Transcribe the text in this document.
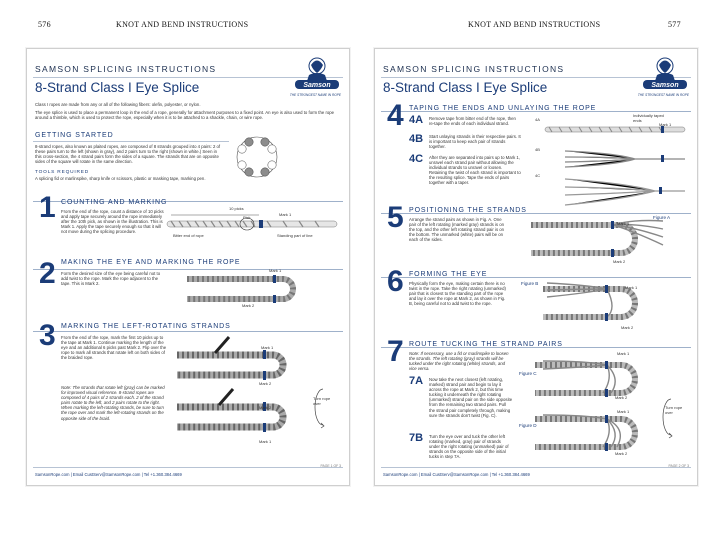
576	KNOT AND BEND INSTRUCTIONS	KNOT AND BEND INSTRUCTIONS	577
SAMSON SPLICING INSTRUCTIONS
8-Strand Class I Eye Splice	Samson
THE STRONGEST NAME IN ROPE
Class I ropes are made from any or all of the following fibers: olefin, polyester, or nylon.
The eye splice is used to place a permanent loop in the end of a rope, generally for attachment purposes to a fixed point. An eye is also used to form the rope around a thimble, which is used to protect the rope, especially when it is to be attached to a shackle, chain, or wire rope.
GETTING STARTED
8-strand ropes, also known as plaited ropes, are composed of 8 strands grouped into 4 pairs: 2 of these pairs turn to the left (shown in gray), and 2 pairs turn to the right (shown in white.) Seen in this cross-section, the 4 strand pairs form the sides of a square. The strands that are on opposite sides of the square will rotate in the same direction.
TOOLS REQUIRED
A splicing fid or marlinspike, sharp knife or scissors, plastic or masking tape, marking pen.
1 COUNTING AND MARKING
From the end of the rope, count a distance of 10 picks and apply tape securely around the rope immediately after the 10th pick, as shown in the illustration. This is Mark 1. Apply the tape securely enough so that it will not move during the splicing procedure.
10 picks
Pick
Mark 1
Bitter end of rope	Standing part of line
2 MAKING THE EYE AND MARKING THE ROPE
Form the desired size of the eye being careful not to add twist to the rope. Mark the rope adjacent to the tape. This is Mark 2.
Mark 1
Mark 2
3 MARKING THE LEFT-ROTATING STRANDS
From the end of the rope, mark the first 10 picks up to the tape at Mark 1. Continue marking the length of the eye and an additional 6 picks past Mark 2. Flip over the rope to mark all strands that rotate left on both sides of the braided rope.
Note: The strands that rotate left (gray) can be marked for improved visual reference. 8-strand ropes are composed of 4 pairs of 2 strands each. 2 of the strand pairs rotate to the left, and 2 pairs rotate to the right. When marking the left-rotating strands, be sure to turn the rope over and mark the left-rotating strands on the opposite side of the braid.
Mark 1
Mark 2
Mark 2
Mark 1
Turn rope over
PAGE 1 OF 3
SamsonRope.com | Email CustServ@SamsonRope.com | Tel +1.360.384.4669
SAMSON SPLICING INSTRUCTIONS
8-Strand Class I Eye Splice	Samson
THE STRONGEST NAME IN ROPE
4 TAPING THE ENDS AND UNLAYING THE ROPE
4A Remove tape from bitter end of the rope, then re-tape the ends of each individual strand.
4B Start unlaying strands in their respective pairs. It is important to keep each pair of strands together.
4C After they are separated into pairs up to Mark 1, unravel each strand pair without allowing the individual strands to unravel or loosen. Retaining the twist of each strand is important to the resulting splice. Tape the ends of pairs together with a taper.
4A
4B
4C
Individually taped ends
Mark 1
5 POSITIONING THE STRANDS
Arrange the strand pairs as shown in Fig. A. One pair of the left rotating (marked gray) strands is on the top, and the other left rotating strand pair is on the bottom. The unmarked (white) pairs will be on each of the sides.
Figure A
Mark 1
Mark 2
6 FORMING THE EYE
Physically form the eye, making certain there is no twist in the rope. Take the right rotating (unmarked) pair that is closest to the standing part of the rope and lay it over the rope at Mark 2, as shown in Fig. B, being careful not to add twist to the rope.
Figure B
Mark 1
Mark 2
7 ROUTE TUCKING THE STRAND PAIRS
Note: If necessary, use a fid or marlinspike to loosen the strands. The left rotating (gray) strands will be tucked under the right rotating (white) strands, and vice versa.
7A Now take the next closest (left rotating, marked) strand pair and begin to lay it across the rope at Mark 2, but this time tucking it underneath the right rotating (unmarked) strand pair on the side opposite from the remaining two strand pairs. Pull the strand pair completely through, making sure the strands don't twist (Fig. C).
7B Turn the eye over and tuck the other left rotating (marked, gray) pair of strands under the right rotating (unmarked) pair of strands on the opposite side of the initial tucks in step 7A.
Figure C
Figure D
Mark 1
Mark 2
Mark 1
Mark 2
Turn rope over
PAGE 2 OF 3
SamsonRope.com | Email CustServ@SamsonRope.com | Tel +1.360.384.4669
